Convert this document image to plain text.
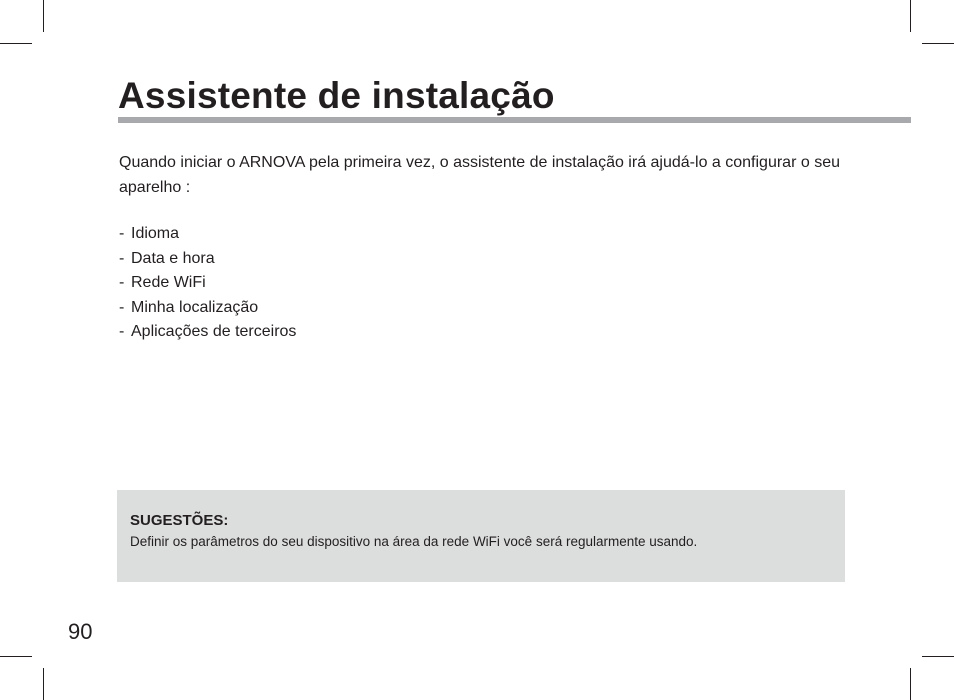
Assistente de instalação

Quando iniciar o ARNOVA pela primeira vez, o assistente de instalação irá ajudá-lo a configurar o seu aparelho :

- Idioma
- Data e hora
- Rede WiFi
- Minha localização
- Aplicações de terceiros

SUGESTÕES:

Definir os parâmetros do seu dispositivo na área da rede WiFi você será regularmente usando.

90
